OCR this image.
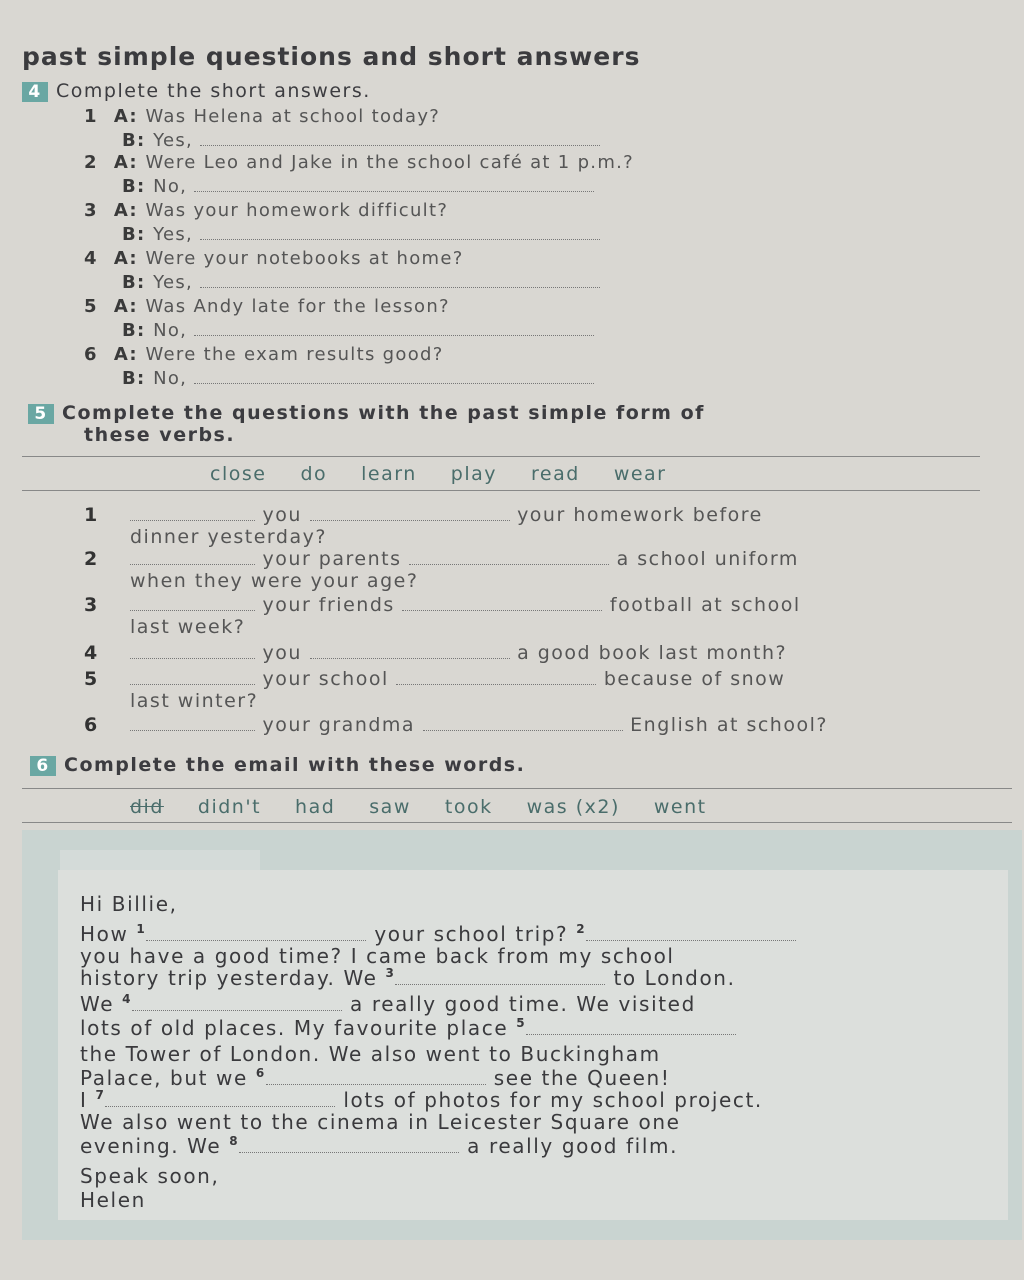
past simple questions and short answers
4 Complete the short answers.
1 A: Was Helena at school today?
B: Yes,
2 A: Were Leo and Jake in the school café at 1 p.m.?
B: No,
3 A: Was your homework difficult?
B: Yes,
4 A: Were your notebooks at home?
B: Yes,
5 A: Was Andy late for the lesson?
B: No,
6 A: Were the exam results good?
B: No,
5 Complete the questions with the past simple form of
these verbs.
close do learn play read wear
1	you	your homework before
dinner yesterday?
2	your parents	a school uniform
when they were your age?
3	your friends	football at school
last week?
4	you	a good book last month?
5	your school	because of snow
last winter?
6	your grandma	English at school?
6 Complete the email with these words.
did didn't had saw took was (x2) went
Hi Billie,
How $^1$	your school trip? $^2$
you have a good time? I came back from my school
history trip yesterday. We $^3$	to London.
We $^4$	a really good time. We visited
lots of old places. My favourite place $^5$
the Tower of London. We also went to Buckingham
Palace, but we $^6$	see the Queen!
I $^7$	lots of photos for my school project.
We also went to the cinema in Leicester Square one
evening. We $^8$	a really good film.
Speak soon,
Helen
